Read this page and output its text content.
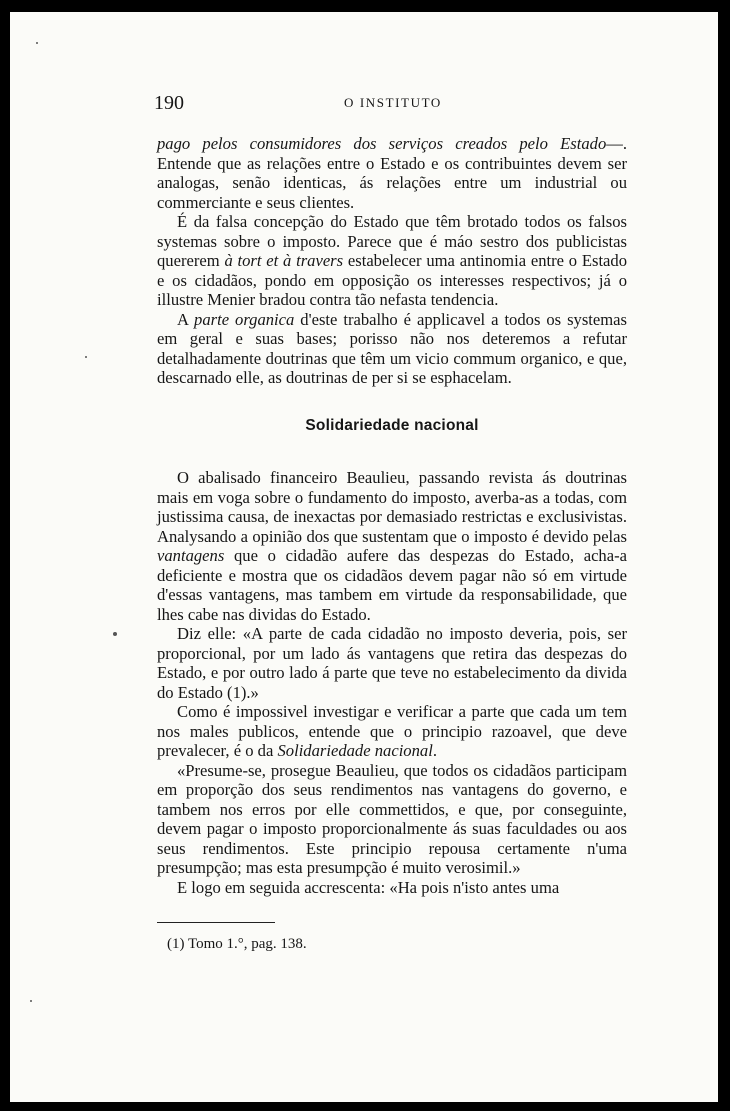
190	O INSTITUTO

pago pelos consumidores dos serviços creados pelo Estado—. Entende que as relações entre o Estado e os contribuintes devem ser analogas, senão identicas, ás relações entre um industrial ou commerciante e seus clientes.

É da falsa concepção do Estado que têm brotado todos os falsos systemas sobre o imposto. Parece que é máo sestro dos publicistas quererem à tort et à travers estabelecer uma antinomia entre o Estado e os cidadãos, pondo em opposição os interesses respectivos; já o illustre Menier bradou contra tão nefasta tendencia.

A parte organica d'este trabalho é applicavel a todos os systemas em geral e suas bases; porisso não nos deteremos a refutar detalhadamente doutrinas que têm um vicio commum organico, e que, descarnado elle, as doutrinas de per si se esphacelam.

Solidariedade nacional

O abalisado financeiro Beaulieu, passando revista ás doutrinas mais em voga sobre o fundamento do imposto, averba-as a todas, com justissima causa, de inexactas por demasiado restrictas e exclusivistas. Analysando a opinião dos que sustentam que o imposto é devido pelas vantagens que o cidadão aufere das despezas do Estado, acha-a deficiente e mostra que os cidadãos devem pagar não só em virtude d'essas vantagens, mas tambem em virtude da responsabilidade, que lhes cabe nas dividas do Estado.

Diz elle: «A parte de cada cidadão no imposto deveria, pois, ser proporcional, por um lado ás vantagens que retira das despezas do Estado, e por outro lado á parte que teve no estabelecimento da divida do Estado (1).»

Como é impossivel investigar e verificar a parte que cada um tem nos males publicos, entende que o principio razoavel, que deve prevalecer, é o da Solidariedade nacional.

«Presume-se, prosegue Beaulieu, que todos os cidadãos participam em proporção dos seus rendimentos nas vantagens do governo, e tambem nos erros por elle commettidos, e que, por conseguinte, devem pagar o imposto proporcionalmente ás suas faculdades ou aos seus rendimentos. Este principio repousa certamente n'uma presumpção; mas esta presumpção é muito verosimil.»

E logo em seguida accrescenta: «Ha pois n'isto antes uma

(1) Tomo 1.°, pag. 138.
